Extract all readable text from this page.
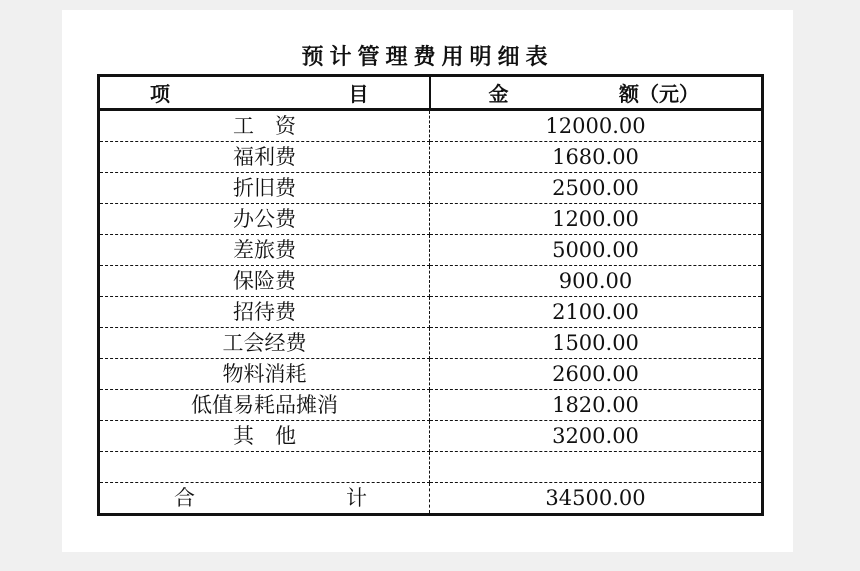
预计管理费用明细表
项 目	金 额（元）

工　资	12000.00
福利费	1680.00
折旧费	2500.00
办公费	1200.00
差旅费	5000.00
保险费	900.00
招待费	2100.00
工会经费	1500.00
物料消耗	2600.00
低值易耗品摊消	1820.00
其　他	3200.00

合 计	34500.00
